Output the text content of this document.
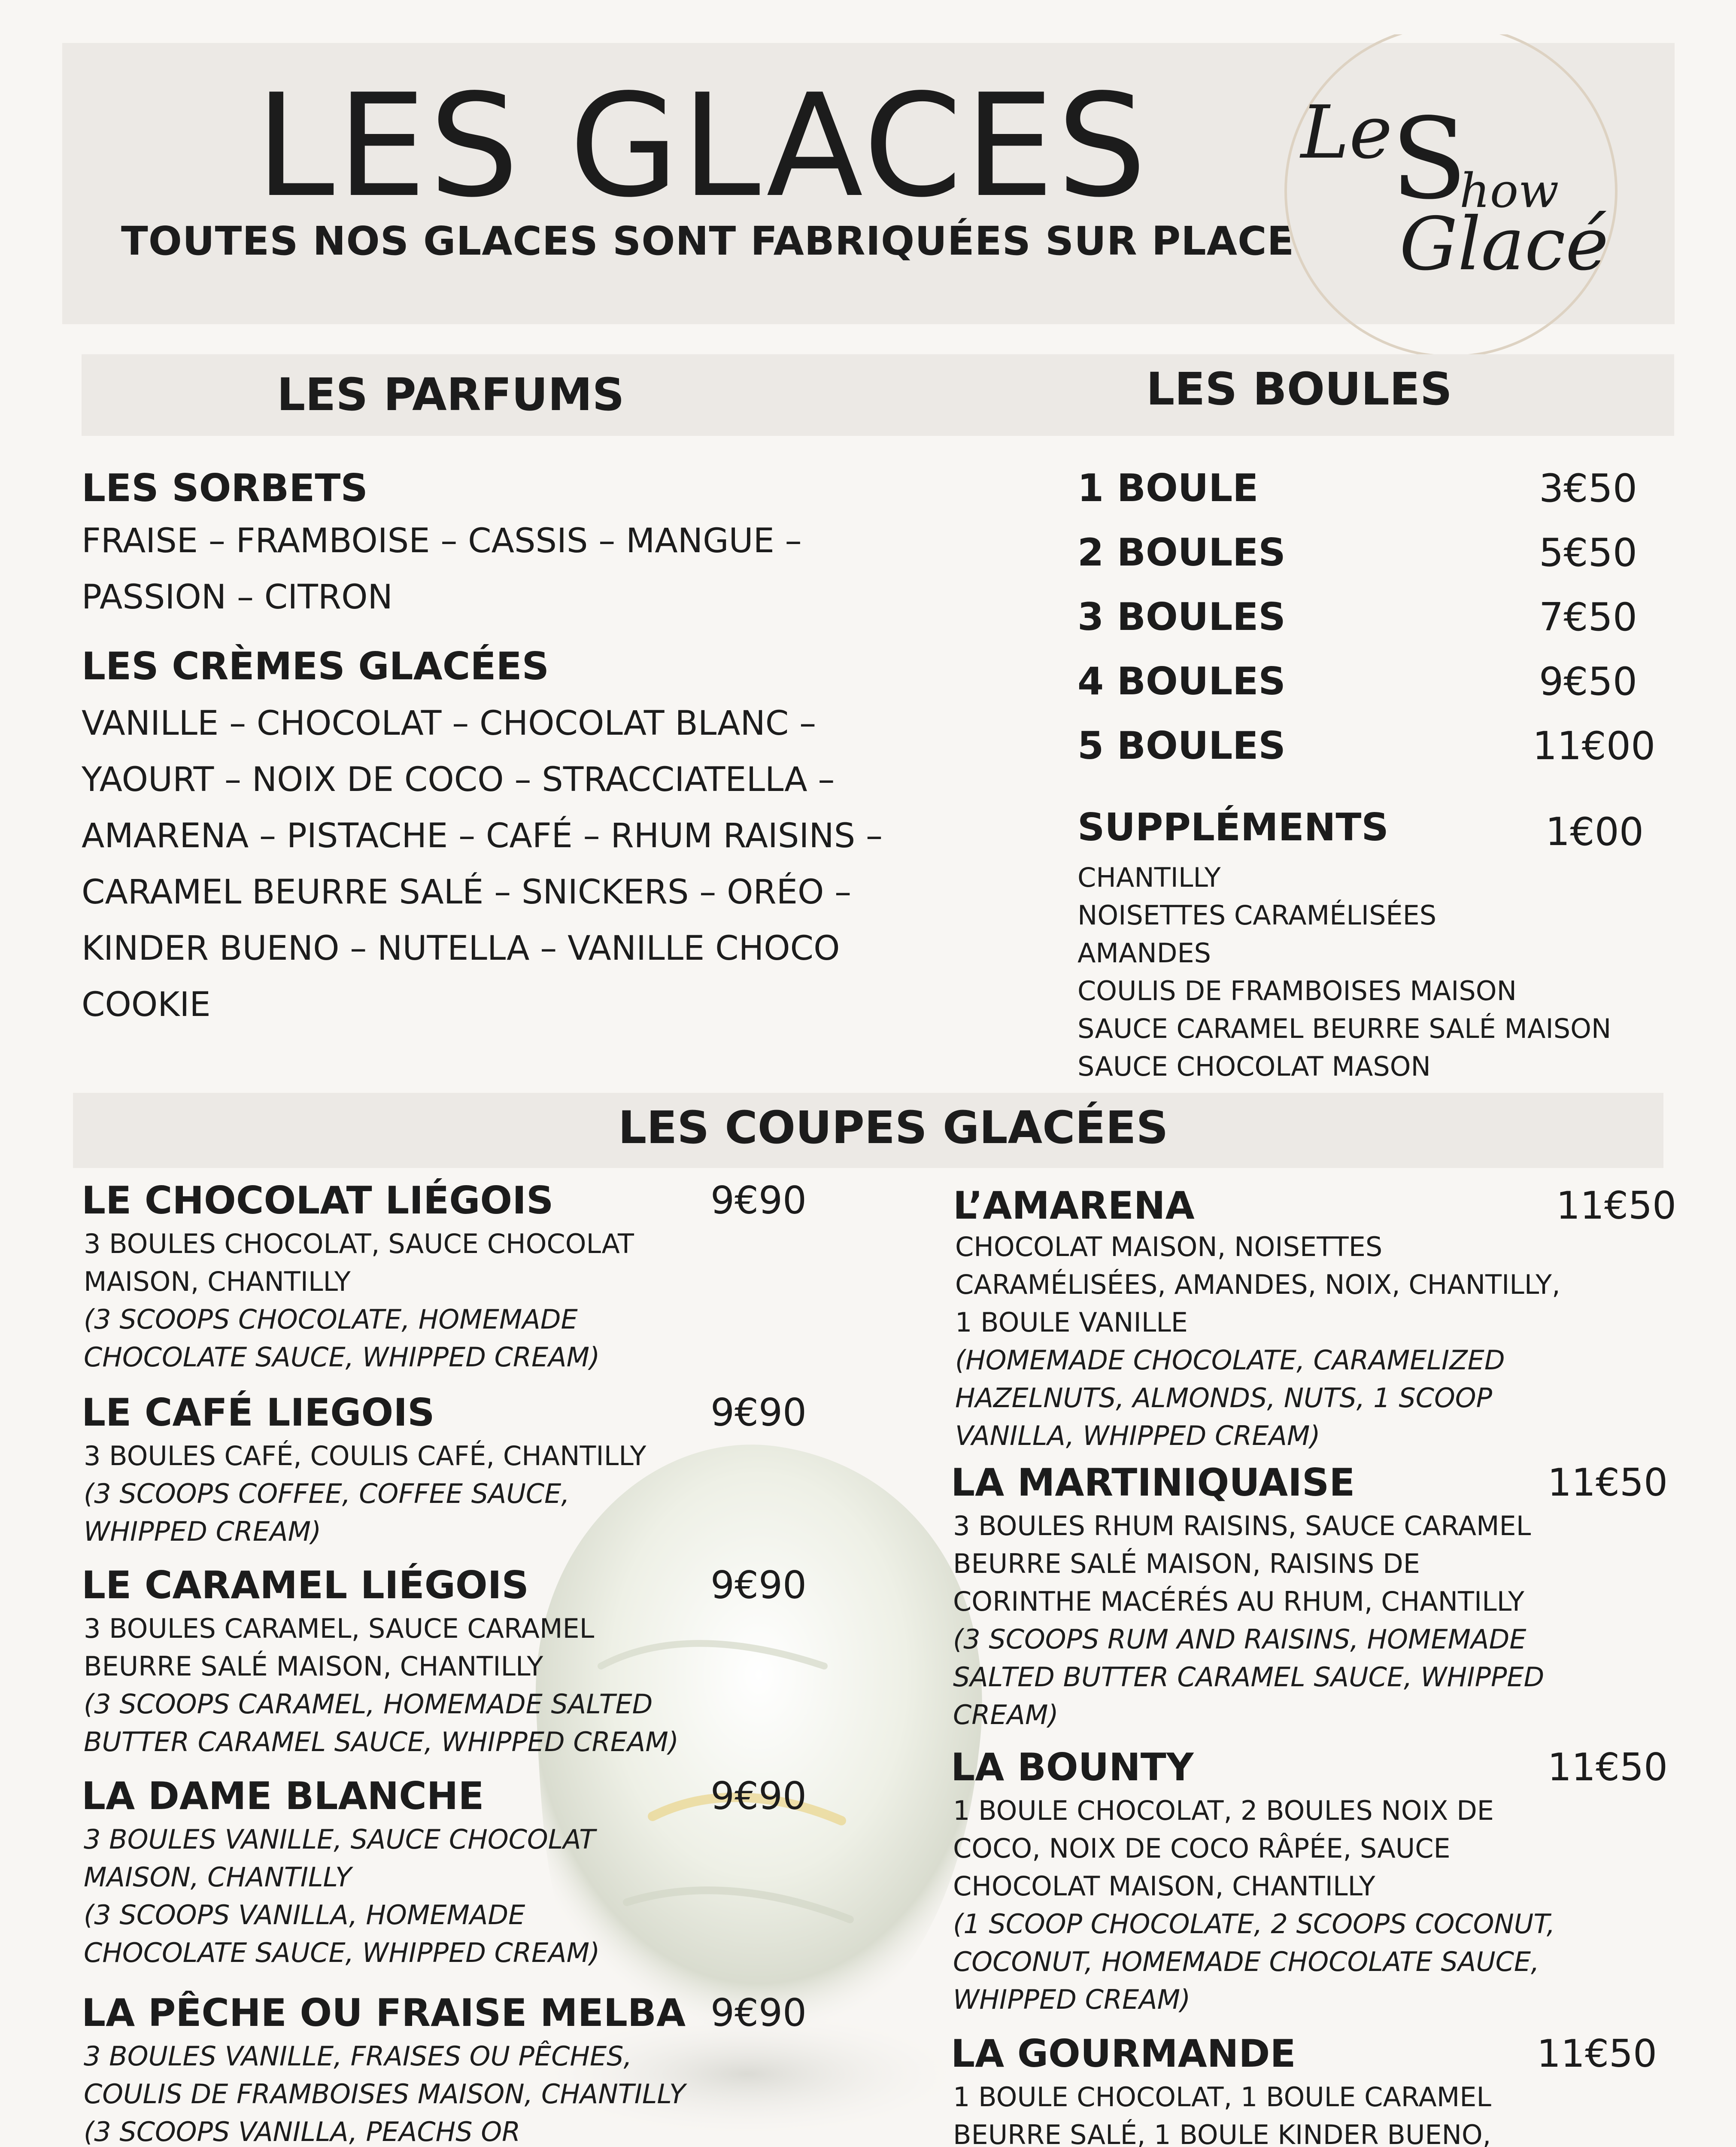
LES GLACES
TOUTES NOS GLACES SONT FABRIQUÉES SUR PLACE
Le
S
how
Glacé
LES PARFUMS	LES BOULES
LES SORBETS
FRAISE – FRAMBOISE – CASSIS – MANGUE – PASSION – CITRON
LES CRÈMES GLACÉES
VANILLE – CHOCOLAT – CHOCOLAT BLANC – YAOURT – NOIX DE COCO – STRACCIATELLA – AMARENA – PISTACHE – CAFÉ – RHUM RAISINS – CARAMEL BEURRE SALÉ – SNICKERS – ORÉO – KINDER BUENO – NUTELLA – VANILLE CHOCO COOKIE
1 BOULE	3€50
2 BOULES	5€50
3 BOULES	7€50
4 BOULES	9€50
5 BOULES	11€00
SUPPLÉMENTS	1€00
CHANTILLY
NOISETTES CARAMÉLISÉES
AMANDES
COULIS DE FRAMBOISES MAISON
SAUCE CARAMEL BEURRE SALÉ MAISON
SAUCE CHOCOLAT MASON
LES COUPES GLACÉES
LE CHOCOLAT LIÉGOIS	9€90
3 BOULES CHOCOLAT, SAUCE CHOCOLAT MAISON, CHANTILLY
(3 SCOOPS CHOCOLATE, HOMEMADE CHOCOLATE SAUCE, WHIPPED CREAM)
LE CAFÉ LIEGOIS	9€90
3 BOULES CAFÉ, COULIS CAFÉ, CHANTILLY
(3 SCOOPS COFFEE, COFFEE SAUCE, WHIPPED CREAM)
LE CARAMEL LIÉGOIS	9€90
3 BOULES CARAMEL, SAUCE CARAMEL BEURRE SALÉ MAISON, CHANTILLY
(3 SCOOPS CARAMEL, HOMEMADE SALTED BUTTER CARAMEL SAUCE, WHIPPED CREAM)
LA DAME BLANCHE	9€90
3 BOULES VANILLE, SAUCE CHOCOLAT MAISON, CHANTILLY
(3 SCOOPS VANILLA, HOMEMADE CHOCOLATE SAUCE, WHIPPED CREAM)
LA PÊCHE OU FRAISE MELBA 9€90
3 BOULES VANILLE, FRAISES OU PÊCHES, COULIS DE FRAMBOISES MAISON, CHANTILLY
(3 SCOOPS VANILLA, PEACHS OR
L’AMARENA	11€50
CHOCOLAT MAISON, NOISETTES CARAMÉLISÉES, AMANDES, NOIX, CHANTILLY, 1 BOULE VANILLE
(HOMEMADE CHOCOLATE, CARAMELIZED HAZELNUTS, ALMONDS, NUTS, 1 SCOOP VANILLA, WHIPPED CREAM)
LA MARTINIQUAISE	11€50
3 BOULES RHUM RAISINS, SAUCE CARAMEL BEURRE SALÉ MAISON, RAISINS DE CORINTHE MACÉRÉS AU RHUM, CHANTILLY
(3 SCOOPS RUM AND RAISINS, HOMEMADE SALTED BUTTER CARAMEL SAUCE, WHIPPED CREAM)
LA BOUNTY	11€50
1 BOULE CHOCOLAT, 2 BOULES NOIX DE COCO, NOIX DE COCO RÂPÉE, SAUCE CHOCOLAT MAISON, CHANTILLY
(1 SCOOP CHOCOLATE, 2 SCOOPS COCONUT, COCONUT, HOMEMADE CHOCOLATE SAUCE, WHIPPED CREAM)
LA GOURMANDE	11€50
1 BOULE CHOCOLAT, 1 BOULE CARAMEL BEURRE SALÉ, 1 BOULE KINDER BUENO,
